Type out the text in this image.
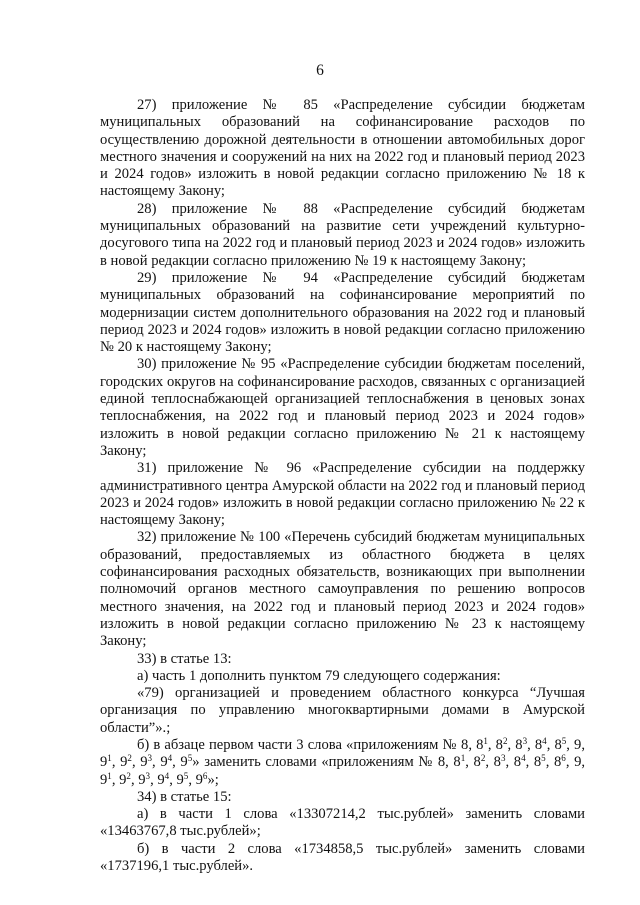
6

27) приложение № 85 «Распределение субсидии бюджетам муниципальных образований на софинансирование расходов по осуществлению дорожной деятельности в отношении автомобильных дорог местного значения и сооружений на них на 2022 год и плановый период 2023 и 2024 годов» изложить в новой редакции согласно приложению № 18 к настоящему Закону;

28) приложение № 88 «Распределение субсидий бюджетам муниципальных образований на развитие сети учреждений культурно-досугового типа на 2022 год и плановый период 2023 и 2024 годов» изложить в новой редакции согласно приложению № 19 к настоящему Закону;

29) приложение № 94 «Распределение субсидий бюджетам муниципальных образований на софинансирование мероприятий по модернизации систем дополнительного образования на 2022 год и плановый период 2023 и 2024 годов» изложить в новой редакции согласно приложению № 20 к настоящему Закону;

30) приложение № 95 «Распределение субсидии бюджетам поселений, городских округов на софинансирование расходов, связанных с организацией единой теплоснабжающей организацией теплоснабжения в ценовых зонах теплоснабжения, на 2022 год и плановый период 2023 и 2024 годов» изложить в новой редакции согласно приложению № 21 к настоящему Закону;

31) приложение № 96 «Распределение субсидии на поддержку административного центра Амурской области на 2022 год и плановый период 2023 и 2024 годов» изложить в новой редакции согласно приложению № 22 к настоящему Закону;

32) приложение № 100 «Перечень субсидий бюджетам муниципальных образований, предоставляемых из областного бюджета в целях софинансирования расходных обязательств, возникающих при выполнении полномочий органов местного самоуправления по решению вопросов местного значения, на 2022 год и плановый период 2023 и 2024 годов» изложить в новой редакции согласно приложению № 23 к настоящему Закону;

33) в статье 13:

а) часть 1 дополнить пунктом 79 следующего содержания:

«79) организацией и проведением областного конкурса “Лучшая организация по управлению многоквартирными домами в Амурской области”».;

б) в абзаце первом части 3 слова «приложениям № 8, $8^1$, $8^2$, $8^3$, $8^4$, $8^5$, 9, $9^1$, $9^2$, $9^3$, $9^4$, $9^5$» заменить словами «приложениям № 8, $8^1$, $8^2$, $8^3$, $8^4$, $8^5$, $8^6$, 9, $9^1$, $9^2$, $9^3$, $9^4$, $9^5$, $9^6$»;

34) в статье 15:

а) в части 1 слова «13307214,2 тыс.рублей» заменить словами «13463767,8 тыс.рублей»;

б) в части 2 слова «1734858,5 тыс.рублей» заменить словами «1737196,1 тыс.рублей».
